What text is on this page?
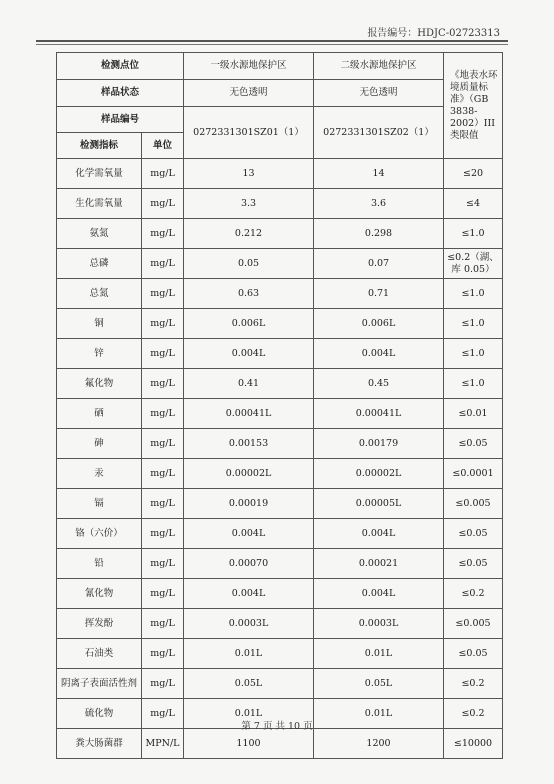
报告编号：HDJC-02723313
检测点位		一级水源地保护区	二级水源地保护区	《地表水环境质量标准》（GB 3838-2002）III类限值
样品状态		无色透明	无色透明	
样品编号		0272331301SZ01（1）	0272331301SZ02（1）	
检测指标	单位			
化学需氧量	mg/L	13	14	≤20
生化需氧量	mg/L	3.3	3.6	≤4
氨氮	mg/L	0.212	0.298	≤1.0
总磷	mg/L	0.05	0.07	≤0.2（湖、库 0.05）
总氮	mg/L	0.63	0.71	≤1.0
铜	mg/L	0.006L	0.006L	≤1.0
锌	mg/L	0.004L	0.004L	≤1.0
氟化物	mg/L	0.41	0.45	≤1.0
硒	mg/L	0.00041L	0.00041L	≤0.01
砷	mg/L	0.00153	0.00179	≤0.05
汞	mg/L	0.00002L	0.00002L	≤0.0001
镉	mg/L	0.00019	0.00005L	≤0.005
铬（六价）	mg/L	0.004L	0.004L	≤0.05
铅	mg/L	0.00070	0.00021	≤0.05
氰化物	mg/L	0.004L	0.004L	≤0.2
挥发酚	mg/L	0.0003L	0.0003L	≤0.005
石油类	mg/L	0.01L	0.01L	≤0.05
阴离子表面活性剂	mg/L	0.05L	0.05L	≤0.2
硫化物	mg/L	0.01L	0.01L	≤0.2
粪大肠菌群	MPN/L	1100	1200	≤10000
第 7 页 共 10 页
